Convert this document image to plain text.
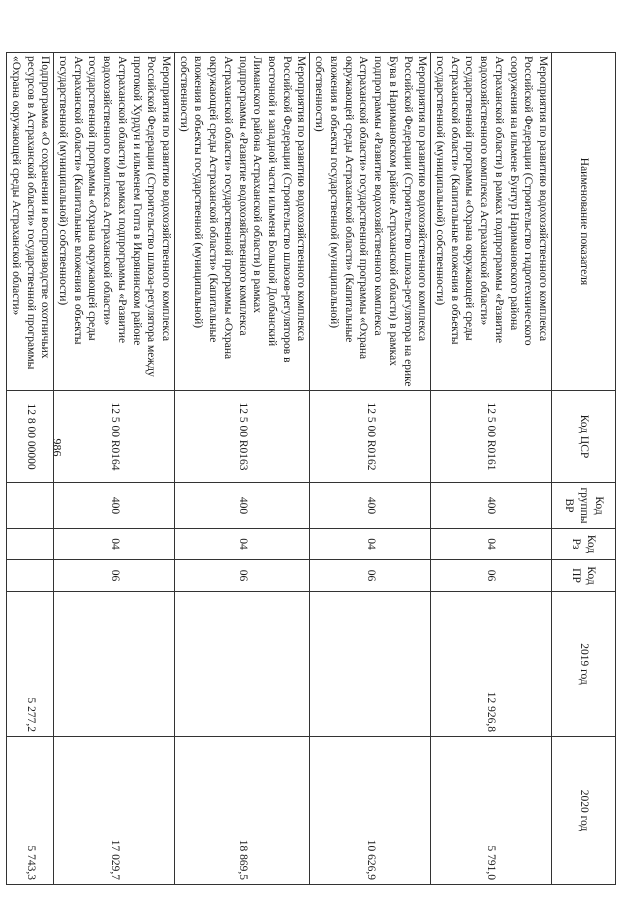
986
Наименование показателя	Код ЦСР	Код группы ВР	Код Рз	Код ПР	2019 год	2020 год
Мероприятия по развитию водохозяйственного комплекса Российской Федерации (Строительство гидротехнического сооружения на ильмене Бунтур Наримановского района Астраханской области) в рамках подпрограммы «Развитие водохозяйственного комплекса Астраханской области» государственной программы «Охрана окружающей среды Астраханской области» (Капитальные вложения в объекты государственной (муниципальной) собственности)	12 5 00 R0161	400	04	06	12 926,8	5 791,0
Мероприятия по развитию водохозяйственного комплекса Российской Федерации (Строительство шлюза-регулятора на ерике Бува в Наримановском районе Астраханской области) в рамках подпрограммы «Развитие водохозяйственного комплекса Астраханской области» государственной программы «Охрана окружающей среды Астраханской области» (Капитальные вложения в объекты государственной (муниципальной) собственности)	12 5 00 R0162	400	04	06		10 626,9
Мероприятия по развитию водохозяйственного комплекса Российской Федерации (Строительство шлюзов-регуляторов в восточной и западной части ильменя Большой Долбанский Лиманского района Астраханской области) в рамках подпрограммы «Развитие водохозяйственного комплекса Астраханской области» государственной программы «Охрана окружающей среды Астраханской области» (Капитальные вложения в объекты государственной (муниципальной) собственности)	12 5 00 R0163	400	04	06		18 869,5
Мероприятия по развитию водохозяйственного комплекса Российской Федерации (Строительство шлюза-регулятора между протокой Хурдун и ильменем Гопта в Икрянинском районе Астраханской области) в рамках подпрограммы «Развитие водохозяйственного комплекса Астраханской области» государственной программы «Охрана окружающей среды Астраханской области» (Капитальные вложения в объекты государственной (муниципальной) собственности)	12 5 00 R0164	400	04	06		17 029,7
Подпрограмма «О сохранении и воспроизводстве охотничьих ресурсов в Астраханской области» государственной программы «Охрана окружающей среды Астраханской области»	12 8 00 00000				5 277,2	5 743,3
